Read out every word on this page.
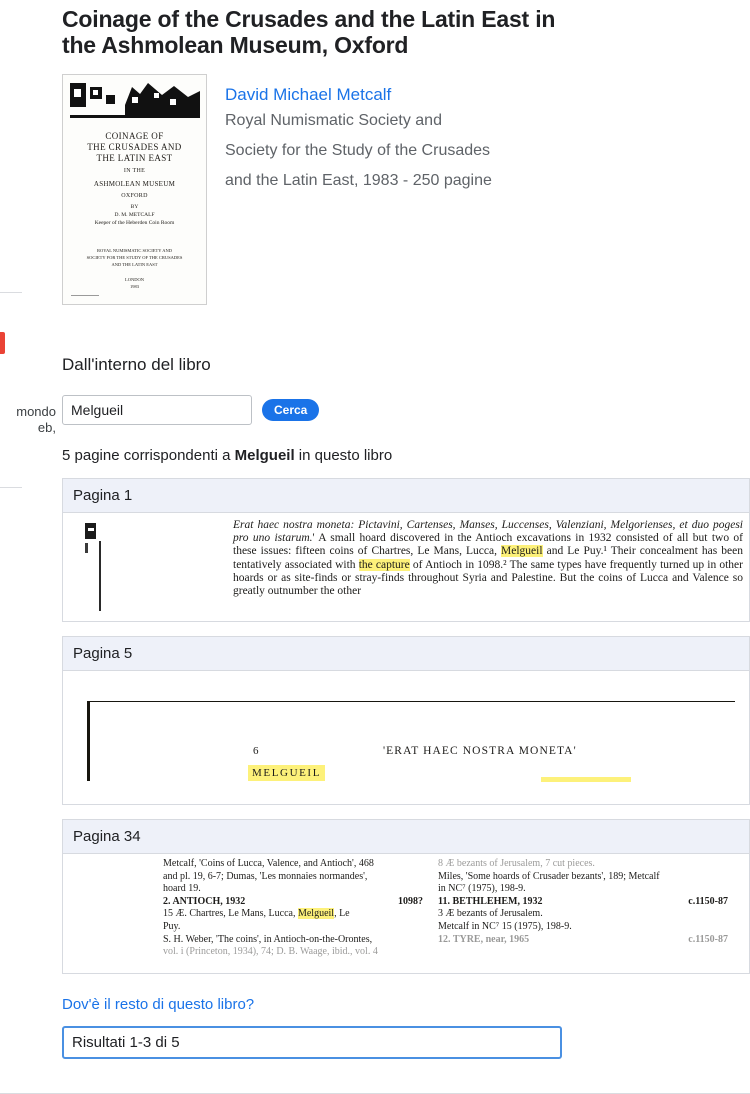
mondo
eb,
Coinage of the Crusades and the Latin East in the Ashmolean Museum, Oxford
COINAGE OF
THE CRUSADES AND
THE LATIN EAST
IN THE
ASHMOLEAN MUSEUM
OXFORD
BY
D. M. METCALF
Keeper of the Heberden Coin Room
ROYAL NUMISMATIC SOCIETY AND
SOCIETY FOR THE STUDY OF THE CRUSADES
AND THE LATIN EAST
LONDON
1983
David Michael Metcalf
Royal Numismatic Society and
Society for the Study of the Crusades
and the Latin East, 1983 - 250 pagine
Dall'interno del libro
Melgueil
Cerca
5 pagine corrispondenti a Melgueil in questo libro
Pagina 1
Erat haec nostra moneta: Pictavini, Cartenses, Manses, Luccenses, Valenziani, Melgorienses, et duo pogesi pro uno istarum.' A small hoard discovered in the Antioch excavations in 1932 consisted of all but two of these issues: fifteen coins of Chartres, Le Mans, Lucca, Melgueil and Le Puy.¹ Their concealment has been tentatively associated with the capture of Antioch in 1098.² The same types have frequently turned up in other hoards or as site-finds or stray-finds throughout Syria and Palestine. But the coins of Lucca and Valence so greatly outnumber the other
Pagina 5
6	'ERAT HAEC NOSTRA MONETA'
MELGUEIL
Pagina 34
Metcalf, 'Coins of Lucca, Valence, and Antioch', 468
and pl. 19, 6-7; Dumas, 'Les monnaies normandes',
hoard 19.
2. ANTIOCH, 1932	1098?
15 Æ. Chartres, Le Mans, Lucca, Melgueil, Le
Puy.
S. H. Weber, 'The coins', in Antioch-on-the-Orontes,
vol. i (Princeton, 1934), 74; D. B. Waage, ibid., vol. 4
8 Æ bezants of Jerusalem, 7 cut pieces.
Miles, 'Some hoards of Crusader bezants', 189; Metcalf
in NC⁷ (1975), 198-9.
11. BETHLEHEM, 1932	c.1150-87
3 Æ bezants of Jerusalem.
Metcalf in NC⁷ 15 (1975), 198-9.
12. TYRE, near, 1965	c.1150-87
Dov'è il resto di questo libro?
Risultati 1-3 di 5
